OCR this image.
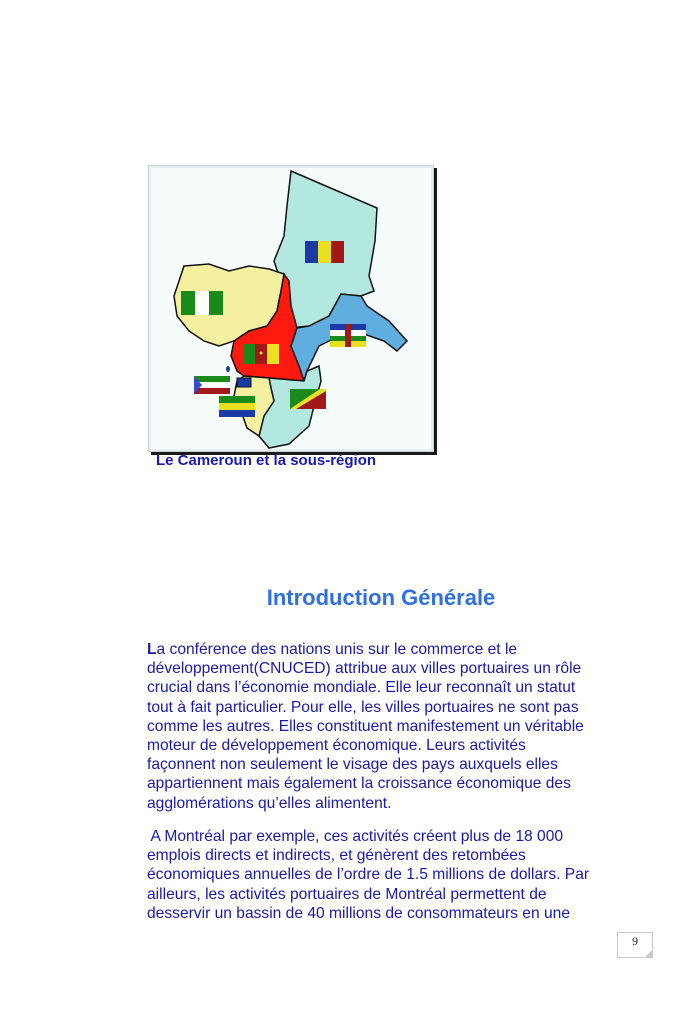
Le Cameroun et la sous-région
Introduction Générale
La conférence des nations unis sur le commerce et le
développement(CNUCED) attribue aux villes portuaires un rôle
crucial dans l’économie mondiale. Elle leur reconnaît un statut
tout à fait particulier. Pour elle, les villes portuaires ne sont pas
comme les autres. Elles constituent manifestement un véritable
moteur de développement économique. Leurs activités
façonnent non seulement le visage des pays auxquels elles
appartiennent mais également la croissance économique des
agglomérations qu’elles alimentent.
A Montréal par exemple, ces activités créent plus de 18 000
emplois directs et indirects, et génèrent des retombées
économiques annuelles de l’ordre de 1.5 millions de dollars. Par
ailleurs, les activités portuaires de Montréal permettent de
desservir un bassin de 40 millions de consommateurs en une
9
